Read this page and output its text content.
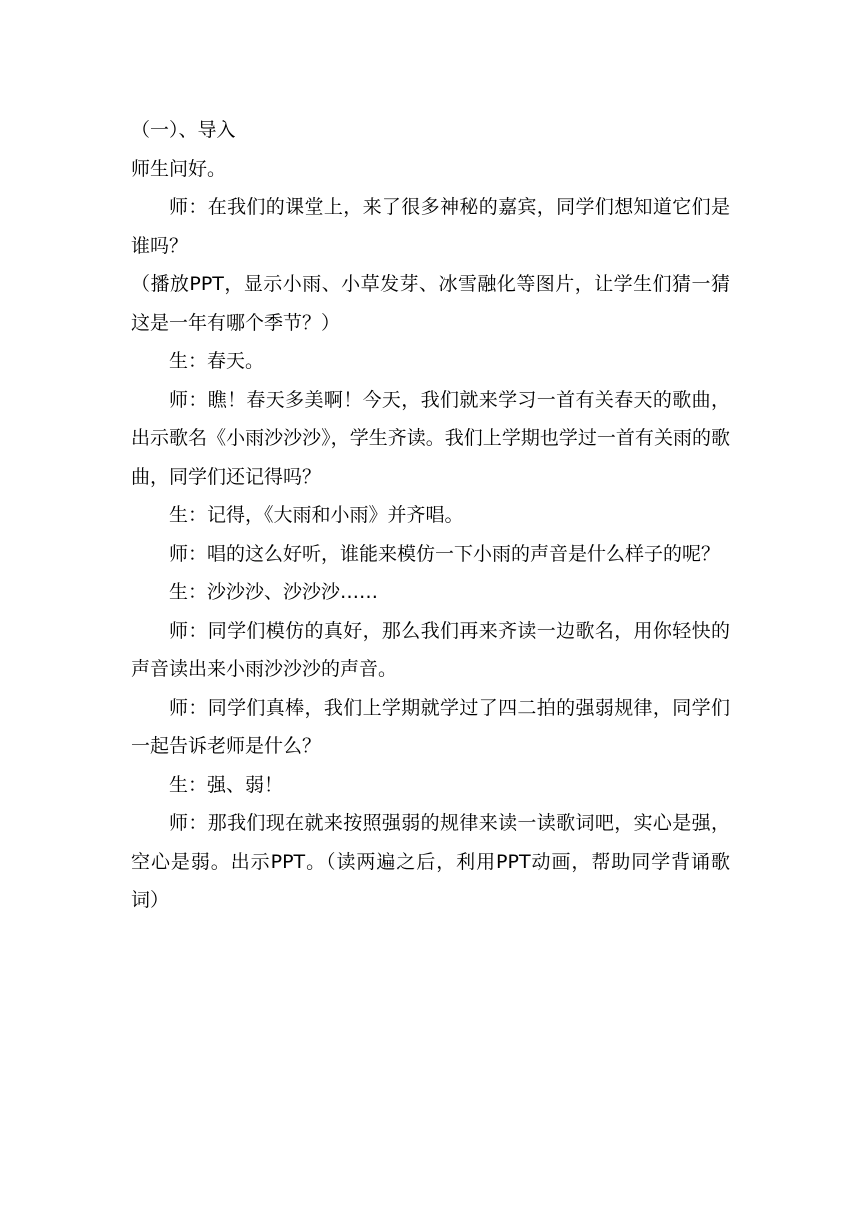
（一）、导入

师生问好。

师：在我们的课堂上，来了很多神秘的嘉宾，同学们想知道它们是谁吗？

（播放PPT，显示小雨、小草发芽、冰雪融化等图片，让学生们猜一猜这是一年有哪个季节？）

生：春天。

师：瞧！春天多美啊！今天，我们就来学习一首有关春天的歌曲，出示歌名《小雨沙沙沙》，学生齐读。我们上学期也学过一首有关雨的歌曲，同学们还记得吗？

生：记得，《大雨和小雨》并齐唱。

师：唱的这么好听，谁能来模仿一下小雨的声音是什么样子的呢？

生：沙沙沙、沙沙沙……

师：同学们模仿的真好，那么我们再来齐读一边歌名，用你轻快的声音读出来小雨沙沙沙的声音。

师：同学们真棒，我们上学期就学过了四二拍的强弱规律，同学们一起告诉老师是什么？

生：强、弱！

师：那我们现在就来按照强弱的规律来读一读歌词吧，实心是强，空心是弱。出示PPT。（读两遍之后，利用PPT动画，帮助同学背诵歌词）
